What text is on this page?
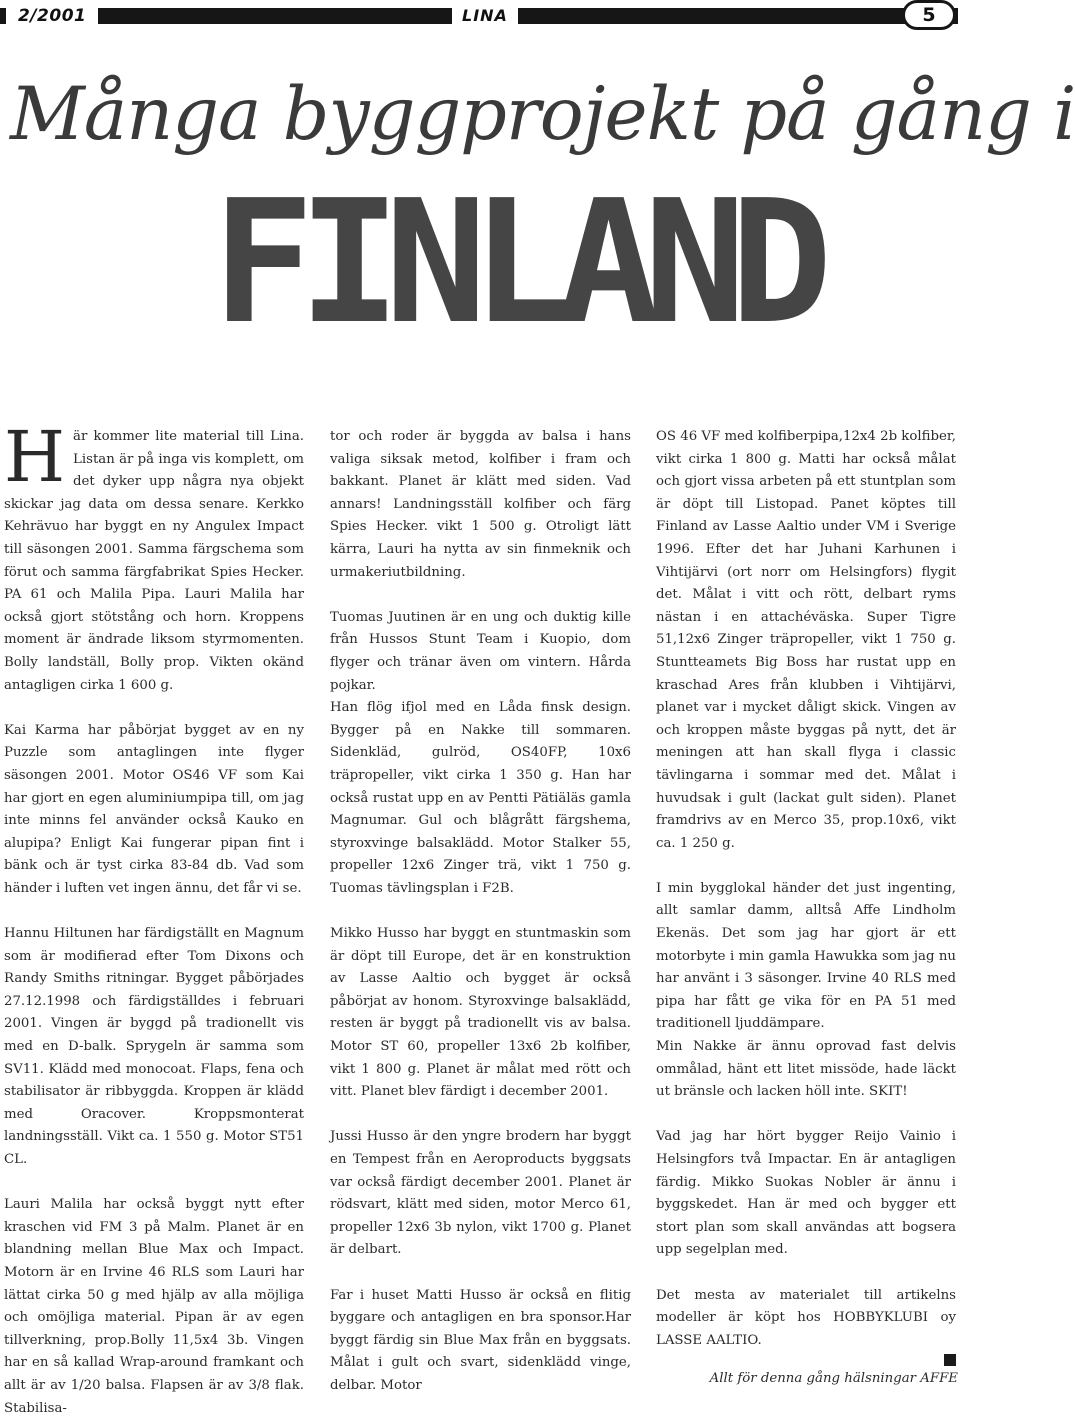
2/2001	LINA	5
Många byggprojekt på gång i
FINLAND

Här kommer lite material till Lina. Listan är på inga vis komplett, om det dyker upp några nya objekt skickar jag data om dessa senare. Kerkko Kehrävuo har byggt en ny Angulex Impact till säsongen 2001. Samma färgschema som förut och samma färgfabrikat Spies Hecker. PA 61 och Malila Pipa. Lauri Malila har också gjort stötstång och horn. Kroppens moment är ändrade liksom styrmomenten. Bolly landställ, Bolly prop. Vikten okänd antagligen cirka 1 600 g.

Kai Karma har påbörjat bygget av en ny Puzzle som antaglingen inte flyger säsongen 2001. Motor OS46 VF som Kai har gjort en egen aluminiumpipa till, om jag inte minns fel använder också Kauko en alupipa? Enligt Kai fungerar pipan fint i bänk och är tyst cirka 83-84 db. Vad som händer i luften vet ingen ännu, det får vi se.

Hannu Hiltunen har färdigställt en Magnum som är modifierad efter Tom Dixons och Randy Smiths ritningar. Bygget påbörjades 27.12.1998 och färdigställdes i februari 2001. Vingen är byggd på tradionellt vis med en D-balk. Sprygeln är samma som SV11. Klädd med monocoat. Flaps, fena och stabilisator är ribbyggda. Kroppen är klädd med Oracover. Kroppsmonterat landningsställ. Vikt ca. 1 550 g. Motor ST51 CL.

Lauri Malila har också byggt nytt efter kraschen vid FM 3 på Malm. Planet är en blandning mellan Blue Max och Impact. Motorn är en Irvine 46 RLS som Lauri har lättat cirka 50 g med hjälp av alla möjliga och omöjliga material. Pipan är av egen tillverkning, prop.Bolly 11,5x4 3b. Vingen har en så kallad Wrap-around framkant och allt är av 1/20 balsa. Flapsen är av 3/8 flak. Stabilisa-

tor och roder är byggda av balsa i hans valiga siksak metod, kolfiber i fram och bakkant. Planet är klätt med siden. Vad annars! Landningsställ kolfiber och färg Spies Hecker. vikt 1 500 g. Otroligt lätt kärra, Lauri ha nytta av sin finmeknik och urmakeriutbildning.

Tuomas Juutinen är en ung och duktig kille från Hussos Stunt Team i Kuopio, dom flyger och tränar även om vintern. Hårda pojkar.

Han flög ifjol med en Låda finsk design. Bygger på en Nakke till sommaren. Sidenkläd, gulröd, OS40FP, 10x6 träpropeller, vikt cirka 1 350 g. Han har också rustat upp en av Pentti Pätiäläs gamla Magnumar. Gul och blågrått färgshema, styroxvinge balsaklädd. Motor Stalker 55, propeller 12x6 Zinger trä, vikt 1 750 g. Tuomas tävlingsplan i F2B.

Mikko Husso har byggt en stuntmaskin som är döpt till Europe, det är en konstruktion av Lasse Aaltio och bygget är också påbörjat av honom. Styroxvinge balsaklädd, resten är byggt på tradionellt vis av balsa. Motor ST 60, propeller 13x6 2b kolfiber, vikt 1 800 g. Planet är målat med rött och vitt. Planet blev färdigt i december 2001.

Jussi Husso är den yngre brodern har byggt en Tempest från en Aeroproducts byggsats var också färdigt december 2001. Planet är rödsvart, klätt med siden, motor Merco 61, propeller 12x6 3b nylon, vikt 1700 g. Planet är delbart.

Far i huset Matti Husso är också en flitig byggare och antagligen en bra sponsor.Har byggt färdig sin Blue Max från en byggsats. Målat i gult och svart, sidenklädd vinge, delbar. Motor

OS 46 VF med kolfiberpipa,12x4 2b kolfiber, vikt cirka 1 800 g. Matti har också målat och gjort vissa arbeten på ett stuntplan som är döpt till Listopad. Panet köptes till Finland av Lasse Aaltio under VM i Sverige 1996. Efter det har Juhani Karhunen i Vihtijärvi (ort norr om Helsingfors) flygit det. Målat i vitt och rött, delbart ryms nästan i en attachéväska. Super Tigre 51,12x6 Zinger träpropeller, vikt 1 750 g. Stuntteamets Big Boss har rustat upp en kraschad Ares från klubben i Vihtijärvi, planet var i mycket dåligt skick. Vingen av och kroppen måste byggas på nytt, det är meningen att han skall flyga i classic tävlingarna i sommar med det. Målat i huvudsak i gult (lackat gult siden). Planet framdrivs av en Merco 35, prop.10x6, vikt ca. 1 250 g.

I min bygglokal händer det just ingenting, allt samlar damm, alltså Affe Lindholm Ekenäs. Det som jag har gjort är ett motorbyte i min gamla Hawukka som jag nu har använt i 3 säsonger. Irvine 40 RLS med pipa har fått ge vika för en PA 51 med traditionell ljuddämpare.

Min Nakke är ännu oprovad fast delvis ommålad, hänt ett litet missöde, hade läckt ut bränsle och lacken höll inte. SKIT!

Vad jag har hört bygger Reijo Vainio i Helsingfors två Impactar. En är antagligen färdig. Mikko Suokas Nobler är ännu i byggskedet. Han är med och bygger ett stort plan som skall användas att bogsera upp segelplan med.

Det mesta av materialet till artikelns modeller är köpt hos HOBBYKLUBI oy LASSE AALTIO.

Allt för denna gång hälsningar AFFE
